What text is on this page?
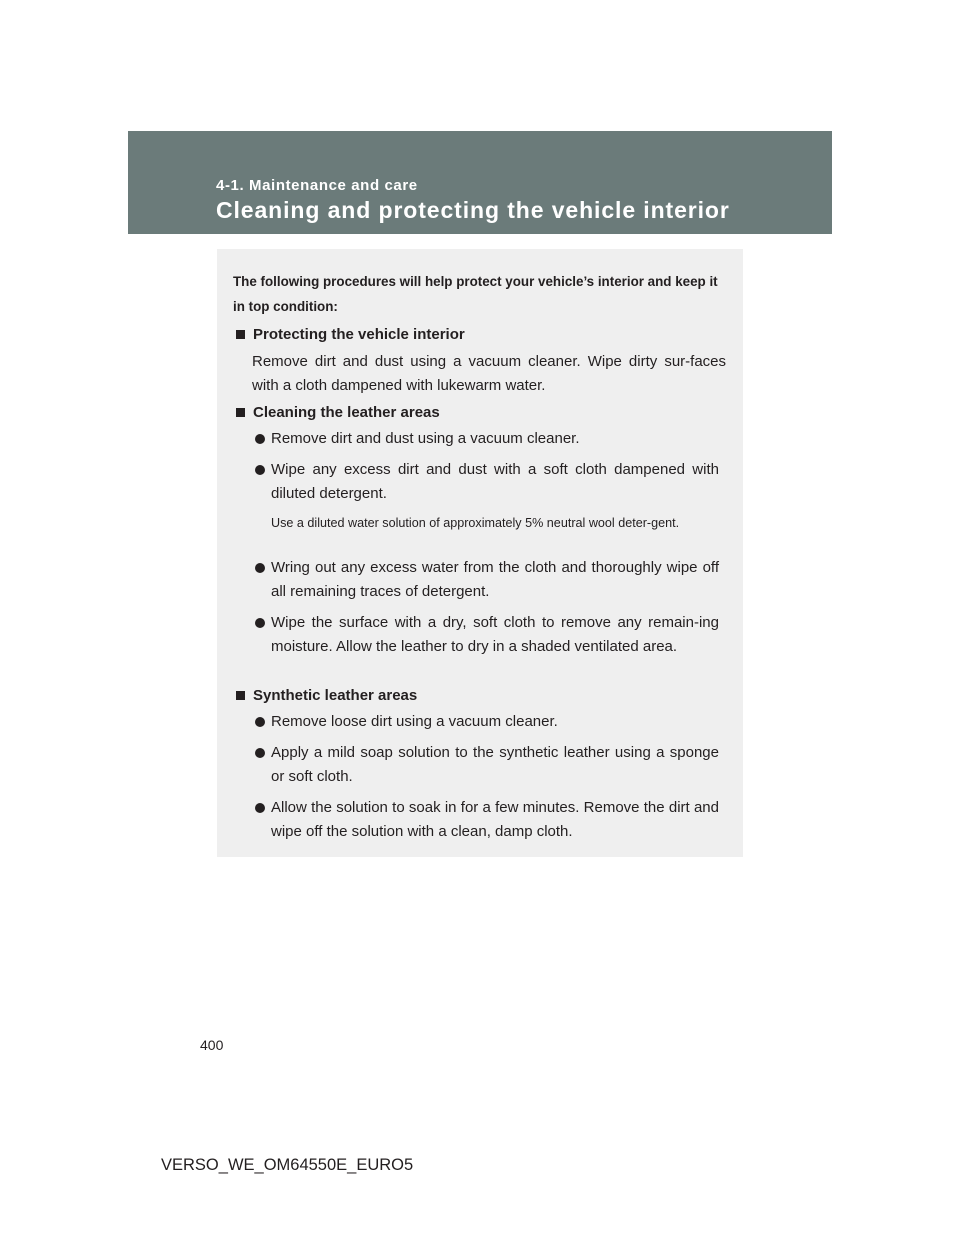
4-1. Maintenance and care
Cleaning and protecting the vehicle interior
The following procedures will help protect your vehicle’s interior and keep it in top condition:
Protecting the vehicle interior
Remove dirt and dust using a vacuum cleaner. Wipe dirty sur-faces with a cloth dampened with lukewarm water.
Cleaning the leather areas
Remove dirt and dust using a vacuum cleaner.
Wipe any excess dirt and dust with a soft cloth dampened with diluted detergent.
Use a diluted water solution of approximately 5% neutral wool deter-gent.
Wring out any excess water from the cloth and thoroughly wipe off all remaining traces of detergent.
Wipe the surface with a dry, soft cloth to remove any remain-ing moisture. Allow the leather to dry in a shaded ventilated area.
Synthetic leather areas
Remove loose dirt using a vacuum cleaner.
Apply a mild soap solution to the synthetic leather using a sponge or soft cloth.
Allow the solution to soak in for a few minutes. Remove the dirt and wipe off the solution with a clean, damp cloth.
400
VERSO_WE_OM64550E_EURO5
